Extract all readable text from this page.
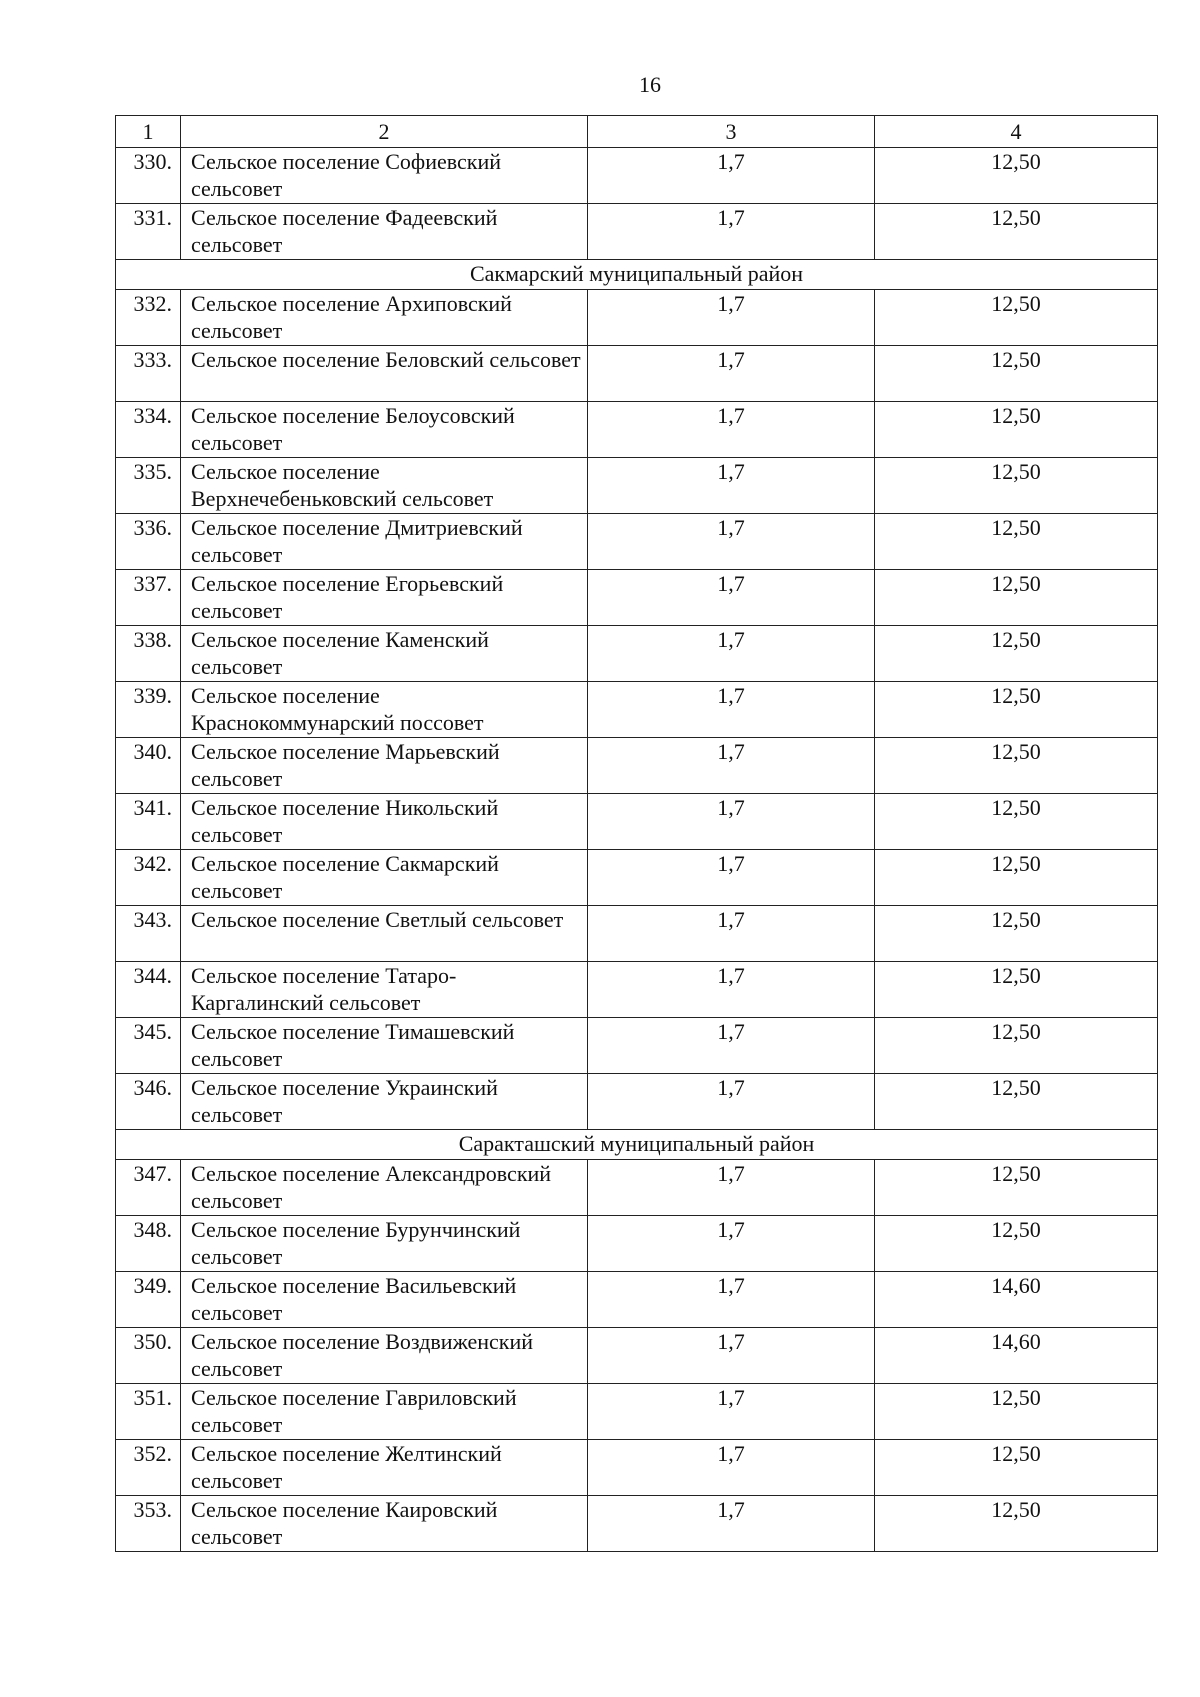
16
1	2	3	4
330.	Сельское поселение Софиевский сельсовет	1,7	12,50
331.	Сельское поселение Фадеевский сельсовет	1,7	12,50
Сакмарский муниципальный район			
332.	Сельское поселение Архиповский сельсовет	1,7	12,50
333.	Сельское поселение Беловский сельсовет	1,7	12,50
334.	Сельское поселение Белоусовский сельсовет	1,7	12,50
335.	Сельское поселение Верхнечебеньковский сельсовет	1,7	12,50
336.	Сельское поселение Дмитриевский сельсовет	1,7	12,50
337.	Сельское поселение Егорьевский сельсовет	1,7	12,50
338.	Сельское поселение Каменский сельсовет	1,7	12,50
339.	Сельское поселение Краснокоммунарский поссовет	1,7	12,50
340.	Сельское поселение Марьевский сельсовет	1,7	12,50
341.	Сельское поселение Никольский сельсовет	1,7	12,50
342.	Сельское поселение Сакмарский сельсовет	1,7	12,50
343.	Сельское поселение Светлый сельсовет	1,7	12,50
344.	Сельское поселение Татаро-Каргалинский сельсовет	1,7	12,50
345.	Сельское поселение Тимашевский сельсовет	1,7	12,50
346.	Сельское поселение Украинский сельсовет	1,7	12,50
Саракташский муниципальный район			
347.	Сельское поселение Александровский сельсовет	1,7	12,50
348.	Сельское поселение Бурунчинский сельсовет	1,7	12,50
349.	Сельское поселение Васильевский сельсовет	1,7	14,60
350.	Сельское поселение Воздвиженский сельсовет	1,7	14,60
351.	Сельское поселение Гавриловский сельсовет	1,7	12,50
352.	Сельское поселение Желтинский сельсовет	1,7	12,50
353.	Сельское поселение Каировский сельсовет	1,7	12,50
